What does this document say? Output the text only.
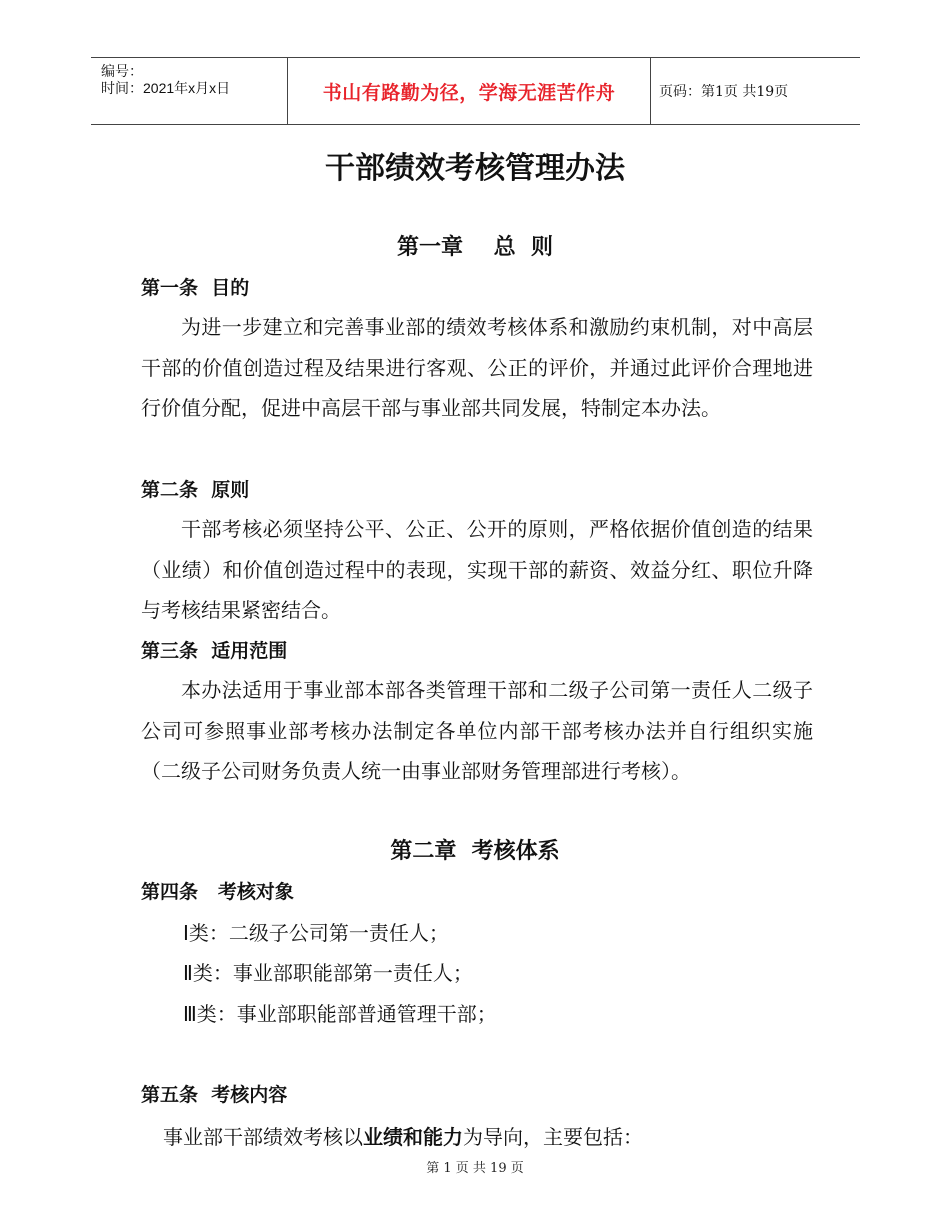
编号：
时间：2021年x月x日	书山有路勤为径，学海无涯苦作舟	页码：第1页 共19页
干部绩效考核管理办法
第一章    总  则
第一条  目的
为进一步建立和完善事业部的绩效考核体系和激励约束机制，对中高层干部的价值创造过程及结果进行客观、公正的评价，并通过此评价合理地进行价值分配，促进中高层干部与事业部共同发展，特制定本办法。
第二条  原则
干部考核必须坚持公平、公正、公开的原则，严格依据价值创造的结果（业绩）和价值创造过程中的表现，实现干部的薪资、效益分红、职位升降与考核结果紧密结合。
第三条  适用范围
本办法适用于事业部本部各类管理干部和二级子公司第一责任人二级子公司可参照事业部考核办法制定各单位内部干部考核办法并自行组织实施（二级子公司财务负责人统一由事业部财务管理部进行考核）。
第二章  考核体系
第四条   考核对象
Ⅰ类：二级子公司第一责任人；
Ⅱ类：事业部职能部第一责任人；
Ⅲ类：事业部职能部普通管理干部；
第五条  考核内容
事业部干部绩效考核以业绩和能力为导向，主要包括：
第 1 页 共 19 页
